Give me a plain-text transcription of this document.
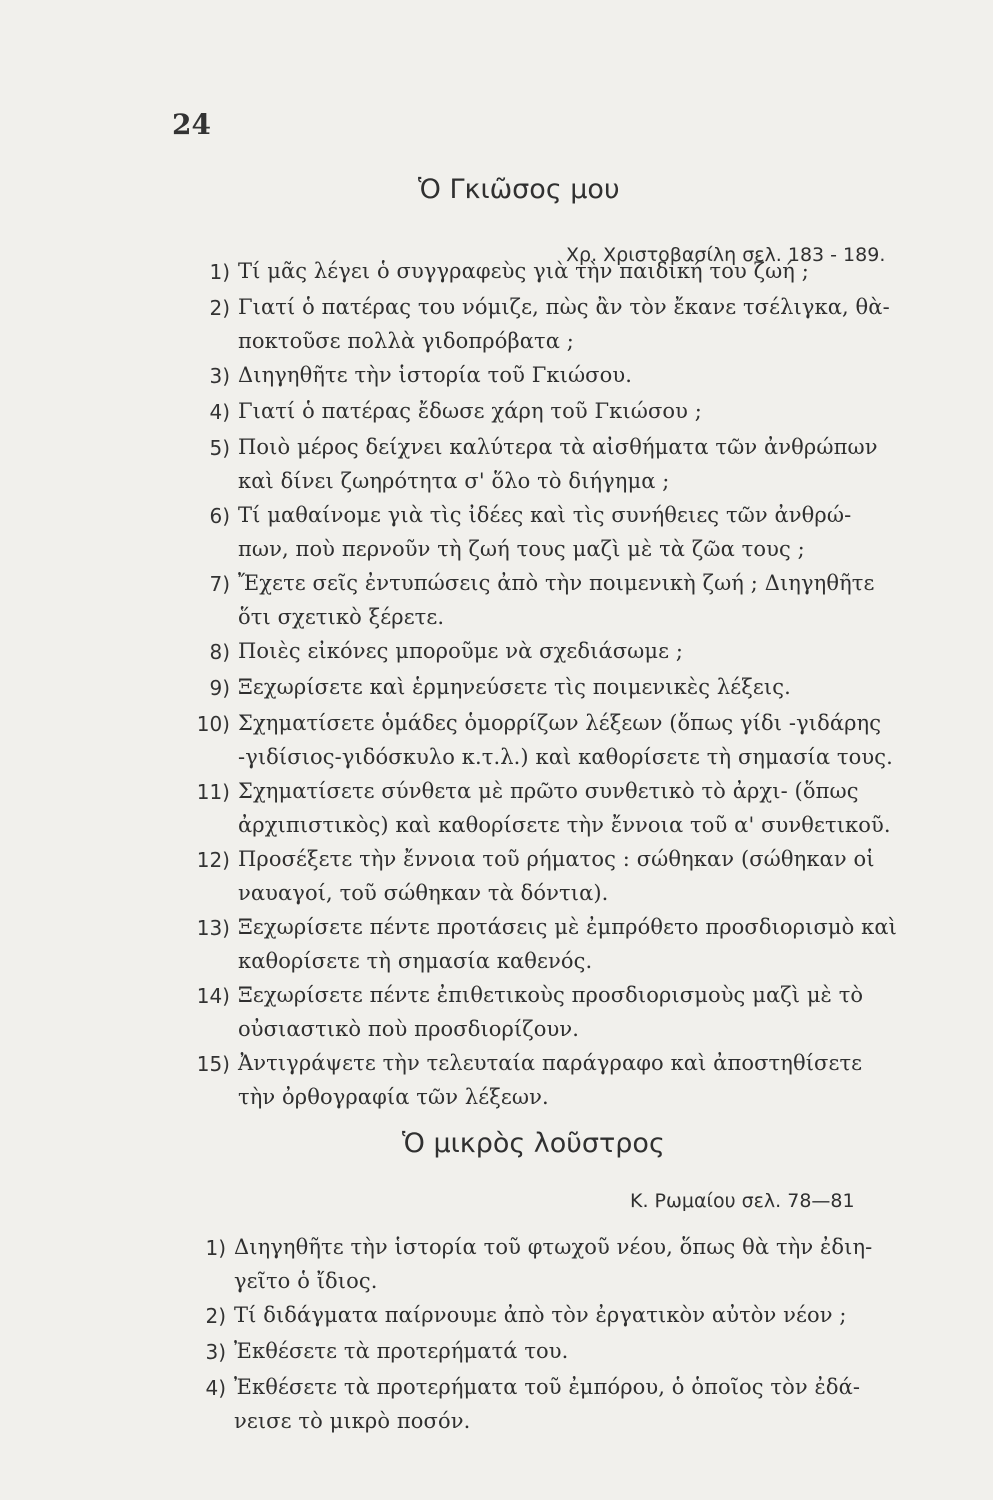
24
Ὁ Γκιῶσος μου
Χρ. Χριστοβασίλη σελ. 183 - 189.
1) Τί μᾶς λέγει ὁ συγγραφεὺς γιὰ τὴν παιδική του ζωή ;
2) Γιατί ὁ πατέρας του νόμιζε, πὼς ἂν τὸν ἔκανε τσέλιγκα, θὰ-
ποκτοῦσε πολλὰ γιδοπρόβατα ;
3) Διηγηθῆτε τὴν ἱστορία τοῦ Γκιώσου.
4) Γιατί ὁ πατέρας ἔδωσε χάρη τοῦ Γκιώσου ;
5) Ποιὸ μέρος δείχνει καλύτερα τὰ αἰσθήματα τῶν ἀνθρώπων
καὶ δίνει ζωηρότητα σ' ὅλο τὸ διήγημα ;
6) Τί μαθαίνομε γιὰ τὶς ἰδέες καὶ τὶς συνήθειες τῶν ἀνθρώ-
πων, ποὺ περνοῦν τὴ ζωή τους μαζὶ μὲ τὰ ζῶα τους ;
7) Ἔχετε σεῖς ἐντυπώσεις ἀπὸ τὴν ποιμενικὴ ζωή ; Διηγηθῆτε
ὅτι σχετικὸ ξέρετε.
8) Ποιὲς εἰκόνες μποροῦμε νὰ σχεδιάσωμε ;
9) Ξεχωρίσετε καὶ ἑρμηνεύσετε τὶς ποιμενικὲς λέξεις.
10) Σχηματίσετε ὁμάδες ὁμορρίζων λέξεων (ὅπως γίδι -γιδάρης
-γιδίσιος-γιδόσκυλο κ.τ.λ.) καὶ καθορίσετε τὴ σημασία τους.
11) Σχηματίσετε σύνθετα μὲ πρῶτο συνθετικὸ τὸ ἀρχι- (ὅπως
ἀρχιπιστικὸς) καὶ καθορίσετε τὴν ἔννοια τοῦ α' συνθετικοῦ.
12) Προσέξετε τὴν ἔννοια τοῦ ρήματος : σώθηκαν (σώθηκαν οἱ
ναυαγοί, τοῦ σώθηκαν τὰ δόντια).
13) Ξεχωρίσετε πέντε προτάσεις μὲ ἐμπρόθετο προσδιορισμὸ καὶ
καθορίσετε τὴ σημασία καθενός.
14) Ξεχωρίσετε πέντε ἐπιθετικοὺς προσδιορισμοὺς μαζὶ μὲ τὸ
οὐσιαστικὸ ποὺ προσδιορίζουν.
15) Ἀντιγράψετε τὴν τελευταία παράγραφο καὶ ἀποστηθίσετε
τὴν ὀρθογραφία τῶν λέξεων.
Ὁ μικρὸς λοῦστρος
Κ. Ρωμαίου σελ. 78—81
1) Διηγηθῆτε τὴν ἱστορία τοῦ φτωχοῦ νέου, ὅπως θὰ τὴν ἐδιη-
γεῖτο ὁ ἴδιος.
2) Τί διδάγματα παίρνουμε ἀπὸ τὸν ἐργατικὸν αὐτὸν νέον ;
3) Ἐκθέσετε τὰ προτερήματά του.
4) Ἐκθέσετε τὰ προτερήματα τοῦ ἐμπόρου, ὁ ὁποῖος τὸν ἐδά-
νεισε τὸ μικρὸ ποσόν.
